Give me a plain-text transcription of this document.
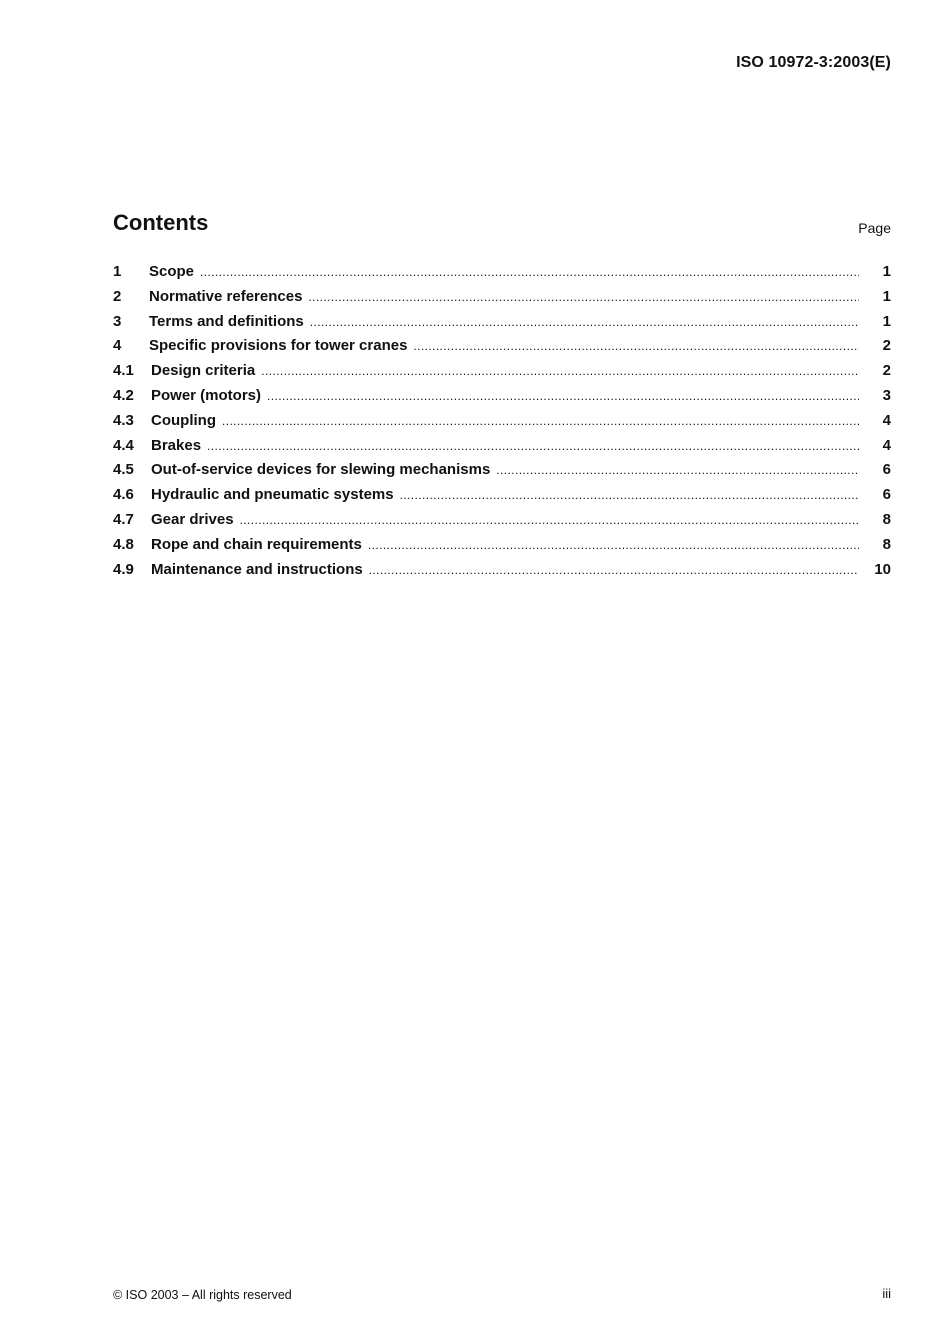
ISO 10972-3:2003(E)
Contents	Page
1	Scope .....	1
2	Normative references .....	1
3	Terms and definitions .....	1
4	Specific provisions for tower cranes .....	2
4.1	Design criteria .....	2
4.2	Power (motors) .....	3
4.3	Coupling .....	4
4.4	Brakes .....	4
4.5	Out-of-service devices for slewing mechanisms .....	6
4.6	Hydraulic and pneumatic systems .....	6
4.7	Gear drives .....	8
4.8	Rope and chain requirements .....	8
4.9	Maintenance and instructions .....	10
© ISO 2003 – All rights reserved	iii
